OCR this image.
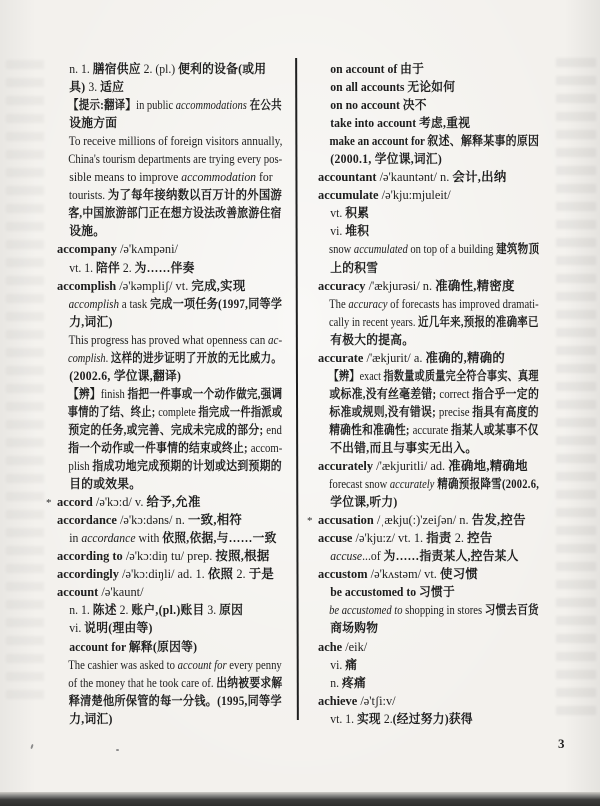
n. 1. 膳宿供应 2. (pl.) 便利的设备(或用
具) 3. 适应
【提示:翻译】in public accommodations 在公共
设施方面
To receive millions of foreign visitors annually,
China's tourism departments are trying every pos-
sible means to improve accommodation for
tourists. 为了每年接纳数以百万计的外国游
客,中国旅游部门正在想方设法改善旅游住宿
设施。
accompany /ə'kʌmpəni/
vt. 1. 陪伴 2. 为……伴奏
accomplish /ə'kəmpliʃ/ vt. 完成,实现
accomplish a task 完成一项任务(1997,同等学
力,词汇)
This progress has proved what openness can ac-
complish. 这样的进步证明了开放的无比威力。
(2002.6, 学位课,翻译)
【辨】finish 指把一件事或一个动作做完,强调
事情的了结、终止; complete 指完成一件指派或
预定的任务,或完善、完成未完成的部分; end
指一个动作或一件事情的结束或终止; accom-
plish 指成功地完成预期的计划或达到预期的
目的或效果。
* accord /ə'kɔ:d/ v. 给予,允准
accordance /ə'kɔ:dəns/ n. 一致,相符
in accordance with 依照,依据,与……一致
according to /ə'kɔ:diŋ tu/ prep. 按照,根据
accordingly /ə'kɔ:diŋli/ ad. 1. 依照 2. 于是
account /ə'kaunt/
n. 1. 陈述 2. 账户,(pl.)账目 3. 原因
vi. 说明(理由等)
account for 解释(原因等)
The cashier was asked to account for every penny
of the money that he took care of. 出纳被要求解
释清楚他所保管的每一分钱。(1995,同等学
力,词汇)
on account of 由于
on all accounts 无论如何
on no account 决不
take into account 考虑,重视
make an account for 叙述、解释某事的原因
(2000.1, 学位课,词汇)
accountant /ə'kauntənt/ n. 会计,出纳
accumulate /ə'kju:mjuleit/
vt. 积累
vi. 堆积
snow accumulated on top of a building 建筑物顶
上的积雪
accuracy /'ækjurəsi/ n. 准确性,精密度
The accuracy of forecasts has improved dramati-
cally in recent years. 近几年来,预报的准确率已
有极大的提高。
accurate /'ækjurit/ a. 准确的,精确的
【辨】exact 指数量或质量完全符合事实、真理
或标准,没有丝毫差错; correct 指合乎一定的
标准或规则,没有错误; precise 指具有高度的
精确性和准确性; accurate 指某人或某事不仅
不出错,而且与事实无出入。
accurately /'ækjuritli/ ad. 准确地,精确地
forecast snow accurately 精确预报降雪(2002.6,
学位课,听力)
* accusation /ˌækju(:)'zeiʃən/ n. 告发,控告
accuse /ə'kju:z/ vt. 1. 指责 2. 控告
accuse...of 为……指责某人,控告某人
accustom /ə'kʌstəm/ vt. 使习惯
be accustomed to 习惯于
be accustomed to shopping in stores 习惯去百货
商场购物
ache /eik/
vi. 痛
n. 疼痛
achieve /ə'tʃi:v/
vt. 1. 实现 2.(经过努力)获得
3
